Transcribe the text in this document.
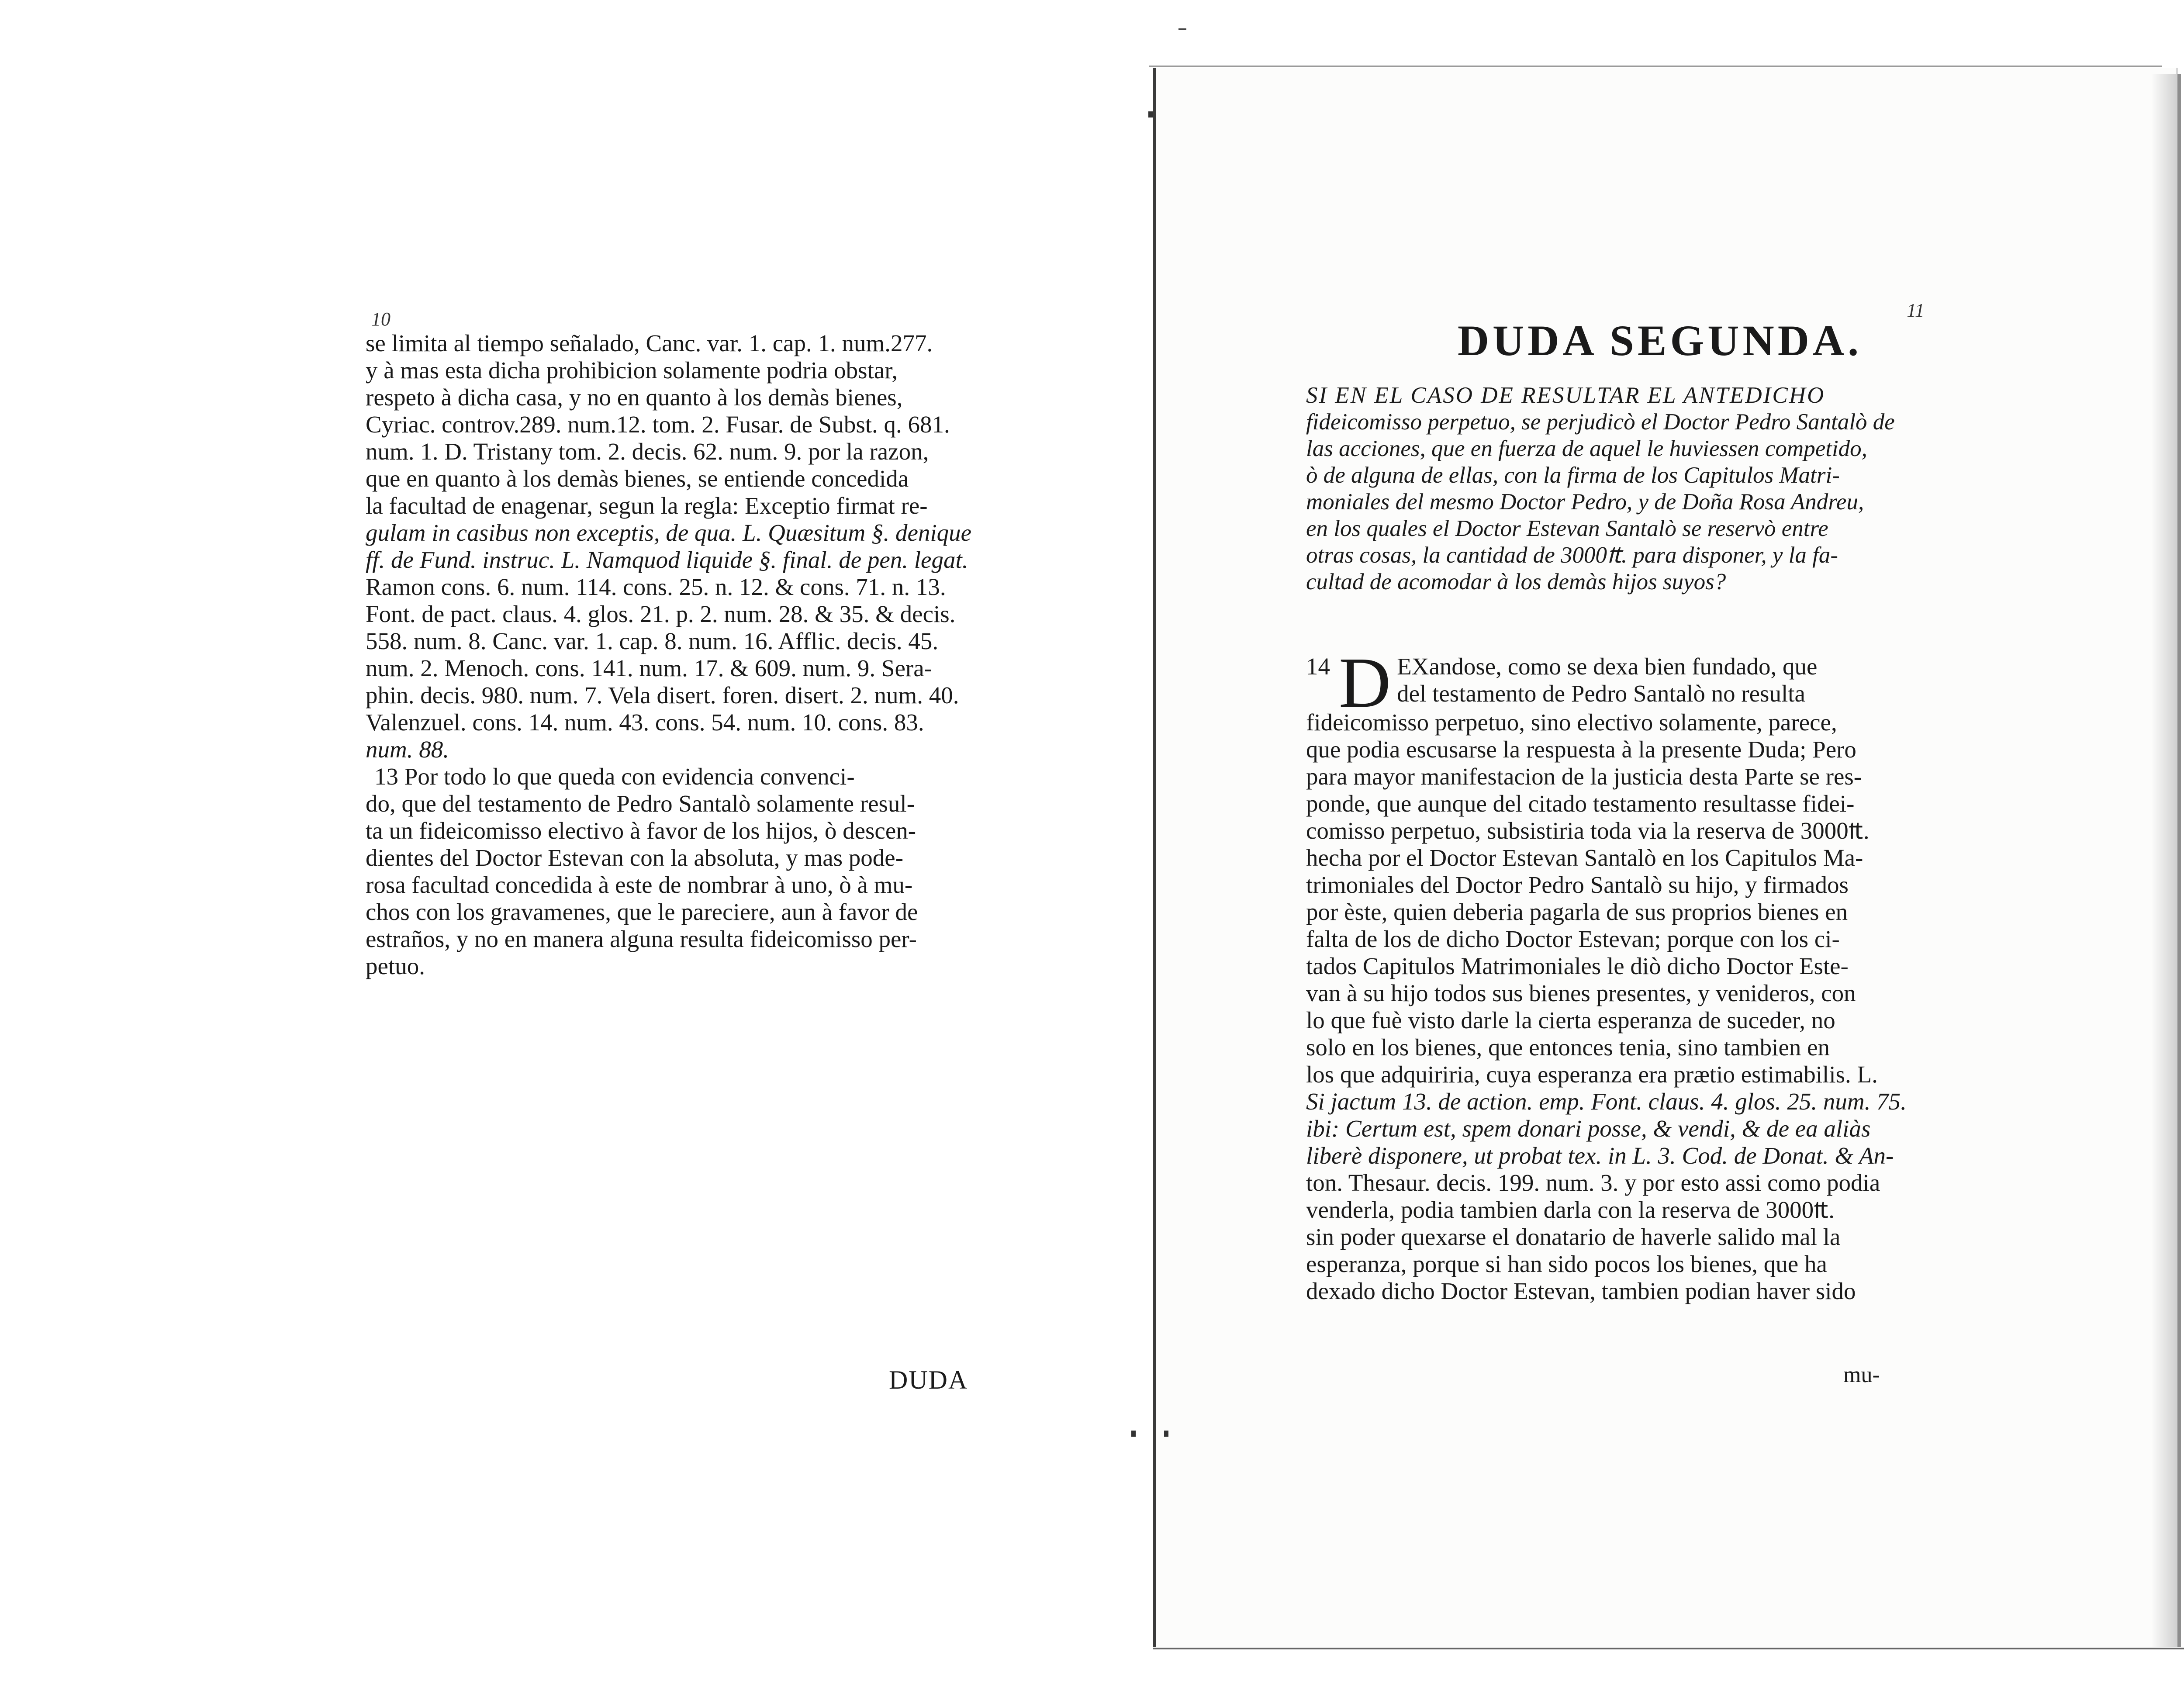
10
se limita al tiempo señalado, Canc. var. 1. cap. 1. num.277.
y à mas esta dicha prohibicion solamente podria obstar,
respeto à dicha casa, y no en quanto à los demàs bienes,
Cyriac. controv.289. num.12. tom. 2. Fusar. de Subst. q. 681.
num. 1. D. Tristany tom. 2. decis. 62. num. 9. por la razon,
que en quanto à los demàs bienes, se entiende concedida
la facultad de enagenar, segun la regla: Exceptio firmat re-
gulam in casibus non exceptis, de qua. L. Quæsitum §. denique
ff. de Fund. instruc. L. Namquod liquide §. final. de pen. legat.
Ramon cons. 6. num. 114. cons. 25. n. 12. & cons. 71. n. 13.
Font. de pact. claus. 4. glos. 21. p. 2. num. 28. & 35. & decis.
558. num. 8. Canc. var. 1. cap. 8. num. 16. Afflic. decis. 45.
num. 2. Menoch. cons. 141. num. 17. & 609. num. 9. Sera-
phin. decis. 980. num. 7. Vela disert. foren. disert. 2. num. 40.
Valenzuel. cons. 14. num. 43. cons. 54. num. 10. cons. 83.
num. 88.
13 Por todo lo que queda con evidencia convenci-
do, que del testamento de Pedro Santalò solamente resul-
ta un fideicomisso electivo à favor de los hijos, ò descen-
dientes del Doctor Estevan con la absoluta, y mas pode-
rosa facultad concedida à este de nombrar à uno, ò à mu-
chos con los gravamenes, que le pareciere, aun à favor de
estraños, y no en manera alguna resulta fideicomisso per-
petuo.
DUDA
11
DUDA SEGUNDA.
SI EN EL CASO DE RESULTAR EL ANTEDICHO
fideicomisso perpetuo, se perjudicò el Doctor Pedro Santalò de
las acciones, que en fuerza de aquel le huviessen competido,
ò de alguna de ellas, con la firma de los Capitulos Matri-
moniales del mesmo Doctor Pedro, y de Doña Rosa Andreu,
en los quales el Doctor Estevan Santalò se reservò entre
otras cosas, la cantidad de 3000₶. para disponer, y la fa-
cultad de acomodar à los demàs hijos suyos?
14 D EXandose, como se dexa bien fundado, que
del testamento de Pedro Santalò no resulta
fideicomisso perpetuo, sino electivo solamente, parece,
que podia escusarse la respuesta à la presente Duda; Pero
para mayor manifestacion de la justicia desta Parte se res-
ponde, que aunque del citado testamento resultasse fidei-
comisso perpetuo, subsistiria toda via la reserva de 3000₶.
hecha por el Doctor Estevan Santalò en los Capitulos Ma-
trimoniales del Doctor Pedro Santalò su hijo, y firmados
por èste, quien deberia pagarla de sus proprios bienes en
falta de los de dicho Doctor Estevan; porque con los ci-
tados Capitulos Matrimoniales le diò dicho Doctor Este-
van à su hijo todos sus bienes presentes, y venideros, con
lo que fuè visto darle la cierta esperanza de suceder, no
solo en los bienes, que entonces tenia, sino tambien en
los que adquiriria, cuya esperanza era prætio estimabilis. L.
Si jactum 13. de action. emp. Font. claus. 4. glos. 25. num. 75.
ibi: Certum est, spem donari posse, & vendi, & de ea aliàs
liberè disponere, ut probat tex. in L. 3. Cod. de Donat. & An-
ton. Thesaur. decis. 199. num. 3. y por esto assi como podia
venderla, podia tambien darla con la reserva de 3000₶.
sin poder quexarse el donatario de haverle salido mal la
esperanza, porque si han sido pocos los bienes, que ha
dexado dicho Doctor Estevan, tambien podian haver sido
mu-
